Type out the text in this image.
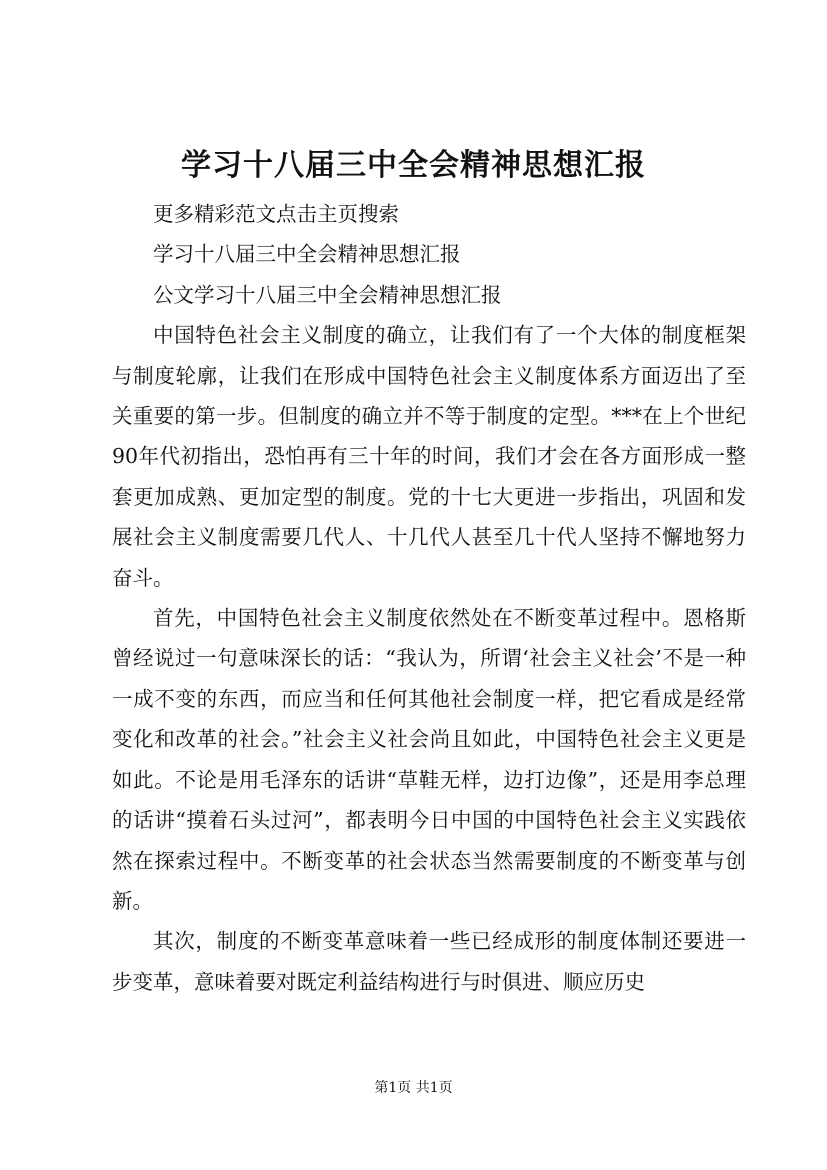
学习十八届三中全会精神思想汇报

更多精彩范文点击主页搜索

学习十八届三中全会精神思想汇报

公文学习十八届三中全会精神思想汇报

中国特色社会主义制度的确立，让我们有了一个大体的制度框架与制度轮廓，让我们在形成中国特色社会主义制度体系方面迈出了至关重要的第一步。但制度的确立并不等于制度的定型。***在上个世纪90年代初指出，恐怕再有三十年的时间，我们才会在各方面形成一整套更加成熟、更加定型的制度。党的十七大更进一步指出，巩固和发展社会主义制度需要几代人、十几代人甚至几十代人坚持不懈地努力奋斗。

首先，中国特色社会主义制度依然处在不断变革过程中。恩格斯曾经说过一句意味深长的话：“我认为，所谓‘社会主义社会’不是一种一成不变的东西，而应当和任何其他社会制度一样，把它看成是经常变化和改革的社会。”社会主义社会尚且如此，中国特色社会主义更是如此。不论是用毛泽东的话讲“草鞋无样，边打边像”，还是用李总理的话讲“摸着石头过河”，都表明今日中国的中国特色社会主义实践依然在探索过程中。不断变革的社会状态当然需要制度的不断变革与创新。

其次，制度的不断变革意味着一些已经成形的制度体制还要进一步变革，意味着要对既定利益结构进行与时俱进、顺应历史

第1页 共1页
